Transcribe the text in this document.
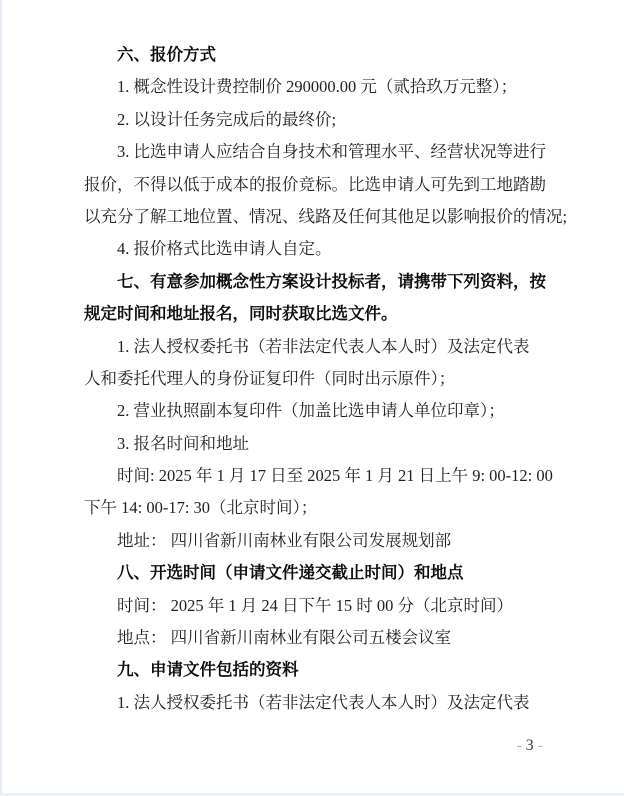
六、报价方式
1. 概念性设计费控制价 290000.00 元（贰拾玖万元整）；
2. 以设计任务完成后的最终价;
3. 比选申请人应结合自身技术和管理水平、经营状况等进行
报价，不得以低于成本的报价竞标。比选申请人可先到工地踏勘
以充分了解工地位置、情况、线路及任何其他足以影响报价的情况;
4. 报价格式比选申请人自定。
七、有意参加概念性方案设计投标者，请携带下列资料，按
规定时间和地址报名，同时获取比选文件。
1. 法人授权委托书（若非法定代表人本人时）及法定代表
人和委托代理人的身份证复印件（同时出示原件）；
2. 营业执照副本复印件（加盖比选申请人单位印章）；
3. 报名时间和地址
时间: 2025 年 1 月 17 日至 2025 年 1 月 21 日上午 9: 00-12: 00
下午 14: 00-17: 30（北京时间）；
地址： 四川省新川南林业有限公司发展规划部
八、开选时间（申请文件递交截止时间）和地点
时间： 2025 年 1 月 24 日下午 15 时 00 分（北京时间）
地点： 四川省新川南林业有限公司五楼会议室
九、申请文件包括的资料
1. 法人授权委托书（若非法定代表人本人时）及法定代表
- 3 -
